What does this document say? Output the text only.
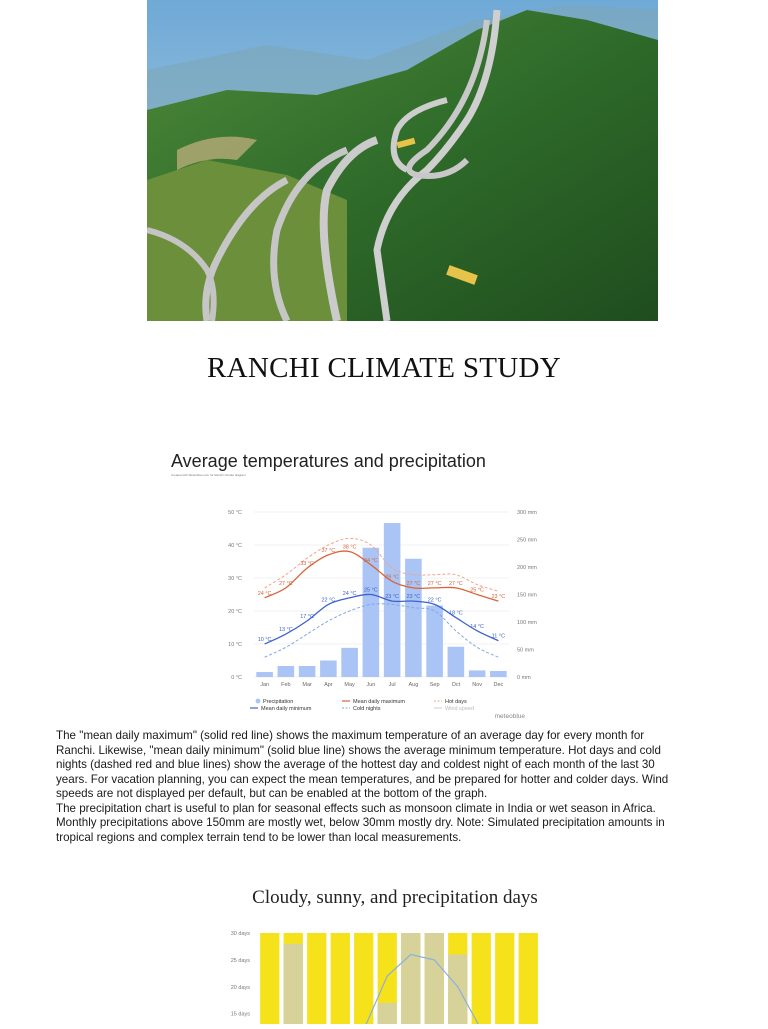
RANCHI CLIMATE STUDY
Average temperatures and precipitation
Created with Meteoblue.com for Ranchi climate diagram
50 °C
40 °C
30 °C
20 °C
10 °C
0 °C
300 mm
250 mm
200 mm
150 mm
100 mm
50 mm
0 mm
24 °C
27 °C
33 °C
37 °C
38 °C
34 °C
29 °C
27 °C 27 °C 27 °C
25 °C
23 °C
10 °C
13 °C
17 °C
22 °C
24 °C
25 °C
23 °C 23 °C
22 °C
18 °C
14 °C
11 °C
Jan Feb Mar Apr May Jun Jul Aug Sep Oct Nov Dec
Precipitation	Mean daily maximum	Hot days
Mean daily minimum	Cold nights	Wind speed
meteoblue

The "mean daily maximum" (solid red line) shows the maximum temperature of an average day for every month for

Ranchi. Likewise, "mean daily minimum" (solid blue line) shows the average minimum temperature. Hot days and cold

nights (dashed red and blue lines) show the average of the hottest day and coldest night of each month of the last 30

years. For vacation planning, you can expect the mean temperatures, and be prepared for hotter and colder days. Wind

speeds are not displayed per default, but can be enabled at the bottom of the graph.

The precipitation chart is useful to plan for seasonal effects such as monsoon climate in India or wet season in Africa.

Monthly precipitations above 150mm are mostly wet, below 30mm mostly dry. Note: Simulated precipitation amounts in

tropical regions and complex terrain tend to be lower than local measurements.

Cloudy, sunny, and precipitation days
30 days
25 days
20 days
15 days
